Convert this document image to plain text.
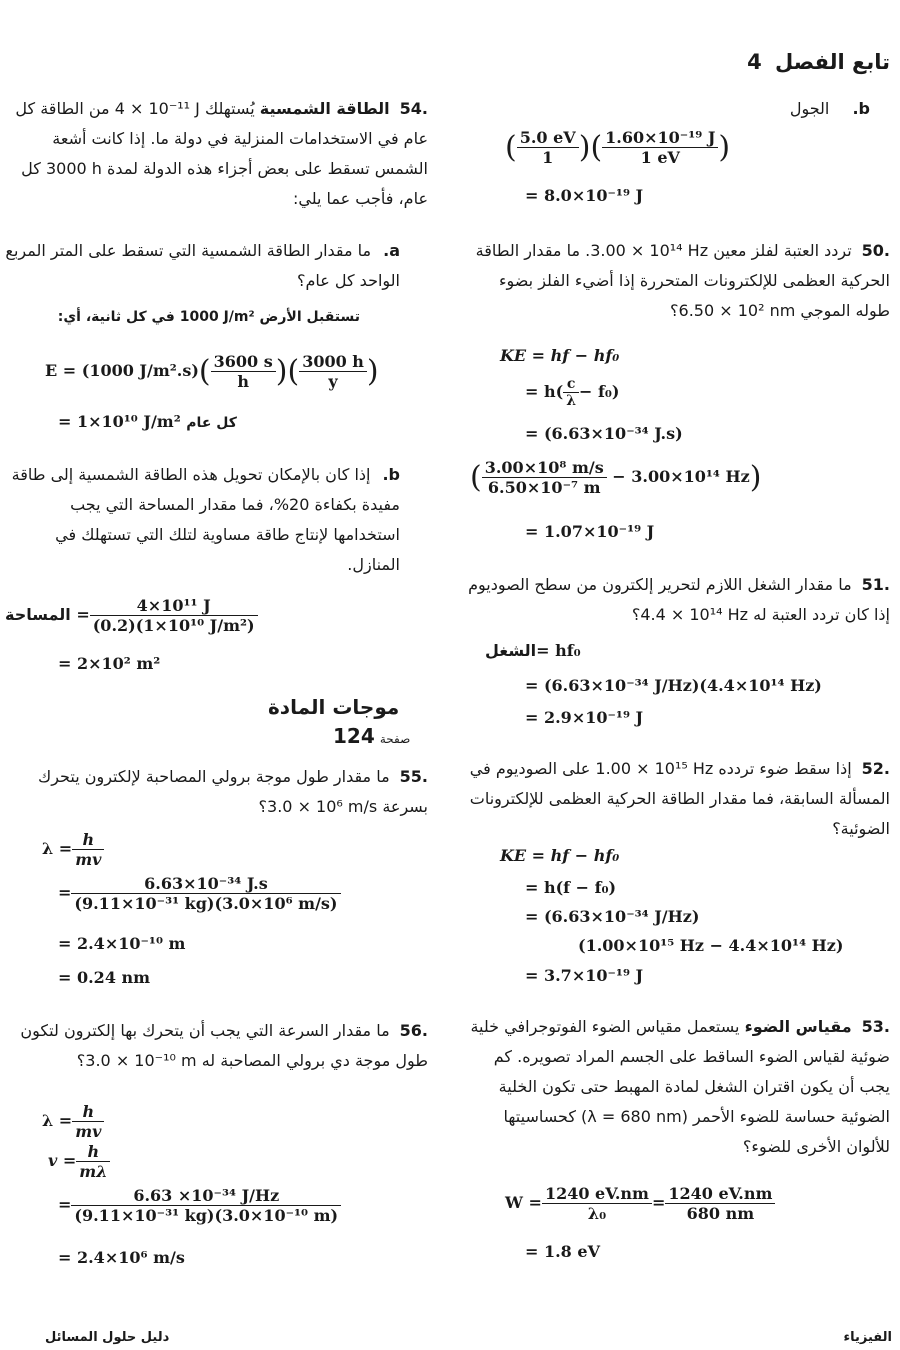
تابع الفصل 4
b. الجول
( $\frac{5.0 eV}{1}$ )( $\frac{\text{1.60×10⁻¹⁹ J}}{1 eV}$ )
= 8.0×10⁻¹⁹ J
.50
تردد العتبة لفلز معين ‎3.00 × 10¹⁴ Hz‏. ما مقدار الطاقة الحركية العظمى للإلكترونات المتحررة إذا أضيء الفلز بضوء طوله الموجي ‎6.50 × 10² nm‏؟
KE = hf − hf₀
= $h( \frac{c}{\lambda} - f_0)$
= (6.63×10⁻³⁴ J.s)
( $\frac{\text{3.00×10⁸ m/s}}{\text{6.50×10⁻⁷ m}} - 3.00\times 10^{14}$ Hz)
= 1.07×10⁻¹⁹ J
.51
ما مقدار الشغل اللازم لتحرير إلكترون من سطح الصوديوم إذا كان تردد العتبة له ‎4.4 × 10¹⁴ Hz‏؟
الشغل= hf₀
= (6.63×10⁻³⁴ J/Hz)(4.4×10¹⁴ Hz)
= 2.9×10⁻¹⁹ J
.52
إذا سقط ضوء تردده ‎1.00 × 10¹⁵ Hz‏ على الصوديوم في المسألة السابقة، فما مقدار الطاقة الحركية العظمى للإلكترونات الضوئية؟
KE = hf − hf₀
= h(f − f₀)
= (6.63×10⁻³⁴ J/Hz)
(1.00×10¹⁵ Hz − 4.4×10¹⁴ Hz)
= 3.7×10⁻¹⁹ J
.53
مقياس الضوء يستعمل مقياس الضوء الفوتوجرافي خلية ضوئية لقياس الضوء الساقط على الجسم المراد تصويره. كم يجب أن يكون اقتران الشغل لمادة المهبط حتى تكون الخلية الضوئية حساسة للضوء الأحمر (‎λ = 680 nm‏) كحساسيتها للألوان الأخرى للضوء؟
$W = \frac{1240 eV.nm}{\text{λ₀}} = \frac{1240 eV.nm}{680 nm}$
= 1.8 eV
.54
الطاقة الشمسية يُستهلك ‎4 × 10⁻¹¹ J‏ من الطاقة كل عام في الاستخدامات المنزلية في دولة ما. إذا كانت أشعة الشمس تسقط على بعض أجزاء هذه الدولة لمدة ‎3000 h‏ كل عام، فأجب عما يلي:
a.
ما مقدار الطاقة الشمسية التي تسقط على المتر المربع الواحد كل عام؟
تستقبل الأرض ‎1000 J/m²‏ في كل ثانية، أي:
E = (1000 $J/m^2.s)( \frac{3600 s}{h}$ )( $\frac{3000 h}{y}$ )
= 1×10¹⁰ J/m² كل عام
b.
إذا كان بالإمكان تحويل هذه الطاقة الشمسية إلى طاقة مفيدة بكفاءة 20%، فما مقدار المساحة التي يجب استخدامها لإنتاج طاقة مساوية لتلك التي تستهلك في المنازل.
المساحة = $\frac{\text{4×10¹¹ J}}{\text{(0.2)(1×10¹⁰ J/m²)}}$
= 2×10² m²
موجات المادة
صفحة 124
.55
ما مقدار طول موجة برولي المصاحبة لإلكترون يتحرك بسرعة ‎3.0 × 10⁶ m/s‏؟
$\lambda = \frac{h}{mv}$
= $\frac{\text{6.63×10⁻³⁴ J.s}}{\text{(9.11×10⁻³¹ kg)(3.0×10⁶ m/s)}}$
= 2.4×10⁻¹⁰ m
= 0.24 nm
.56
ما مقدار السرعة التي يجب أن يتحرك بها إلكترون لتكون طول موجة دي برولي المصاحبة له ‎3.0 × 10⁻¹⁰ m‏؟
$\lambda = \frac{h}{mv}$
$v = \frac{h}{m\lambda}$
= $\frac{\text{6.63 ×10⁻³⁴ J/Hz}}{\text{(9.11×10⁻³¹ kg)(3.0×10⁻¹⁰ m)}}$
= 2.4×10⁶ m/s
دليل حلول المسائل	الفيزياء
